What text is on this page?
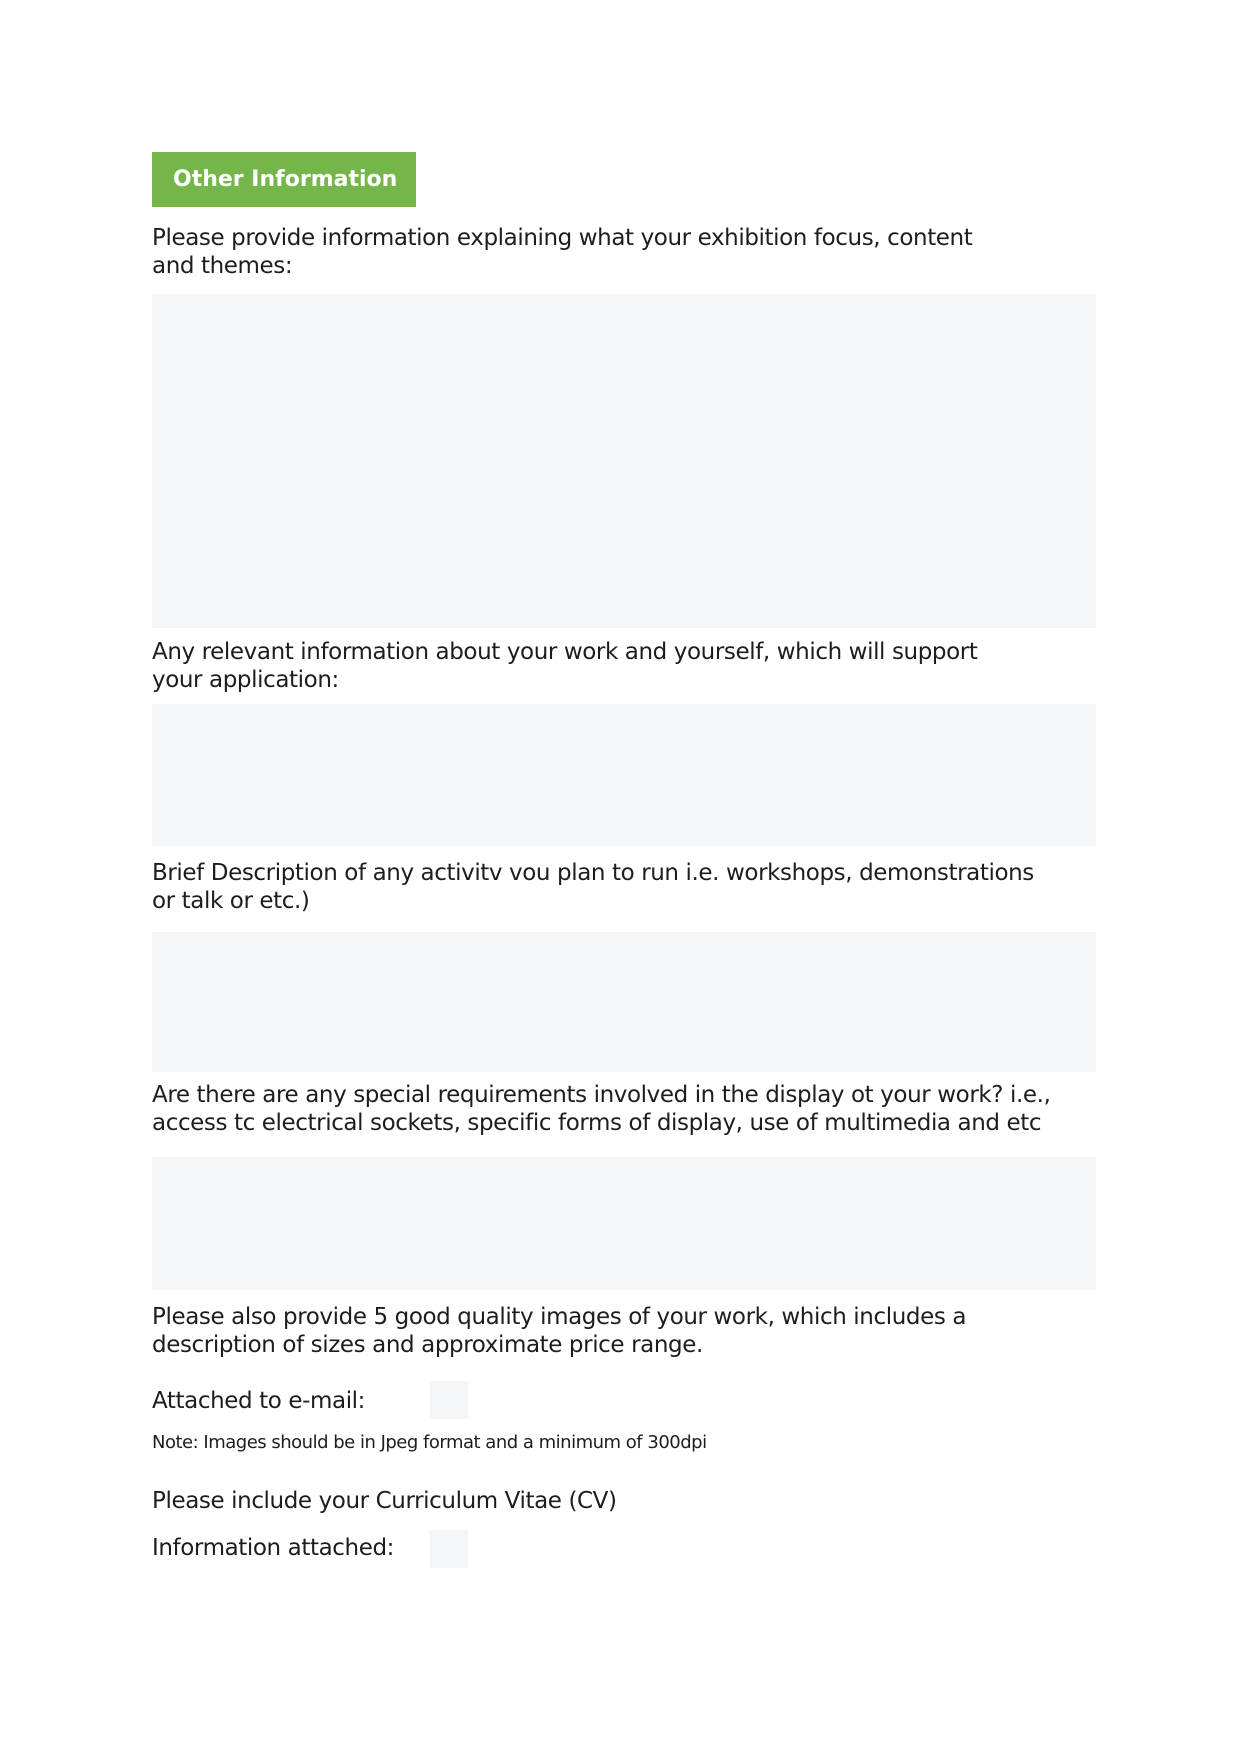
Other Information
Please provide information explaining what your exhibition focus, content
and themes:
Any relevant information about your work and yourself, which will support
your application:
Brief Description of any activitv vou plan to run i.e. workshops, demonstrations
or talk or etc.)
Are there are any special requirements involved in the display ot your work? i.e.,
access tc electrical sockets, specific forms of display, use of multimedia and etc
Please also provide 5 good quality images of your work, which includes a
description of sizes and approximate price range.
Attached to e-mail:
Note: Images should be in Jpeg format and a minimum of 300dpi
Please include your Curriculum Vitae (CV)
Information attached:
